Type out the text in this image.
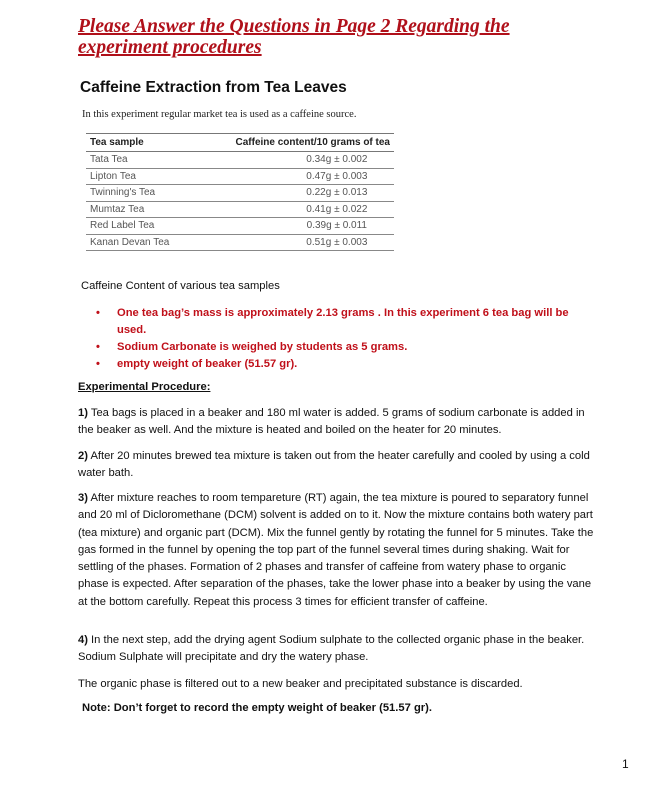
Please Answer the Questions in Page 2 Regarding the experiment procedures
Caffeine Extraction from Tea Leaves
In this experiment regular market tea is used as a caffeine source.
Tea sample	Caffeine content/10 grams of tea
Tata Tea	0.34g ± 0.002
Lipton Tea	0.47g ± 0.003
Twinning's Tea	0.22g ± 0.013
Mumtaz Tea	0.41g ± 0.022
Red Label Tea	0.39g ± 0.011
Kanan Devan Tea	0.51g ± 0.003
Caffeine Content of various tea samples
• One tea bag’s mass is approximately 2.13 grams . In this experiment 6 tea bag will be used.
• Sodium Carbonate is weighed by students as 5 grams.
• empty weight of beaker (51.57 gr).
Experimental Procedure:
1) Tea bags is placed in a beaker and 180 ml water is added. 5 grams of sodium carbonate is added in the beaker as well. And the mixture is heated and boiled on the heater for 20 minutes.
2) After 20 minutes brewed tea mixture is taken out from the heater carefully and cooled by using a cold water bath.
3) After mixture reaches to room tempareture (RT) again, the tea mixture is poured to separatory funnel and 20 ml of Dicloromethane (DCM) solvent is added on to it. Now the mixture contains both watery part (tea mixture) and organic part (DCM). Mix the funnel gently by rotating the funnel for 5 minutes. Take the gas formed in the funnel by opening the top part of the funnel several times during shaking. Wait for settling of the phases. Formation of 2 phases and transfer of caffeine from watery phase to organic phase is expected. After separation of the phases, take the lower phase into a beaker by using the vane at the bottom carefully. Repeat this process 3 times for efficient transfer of caffeine.
4) In the next step, add the drying agent Sodium sulphate to the collected organic phase in the beaker. Sodium Sulphate will precipitate and dry the watery phase.
The organic phase is filtered out to a new beaker and precipitated substance is discarded.
Note: Don’t forget to record the empty weight of beaker (51.57 gr).
1
